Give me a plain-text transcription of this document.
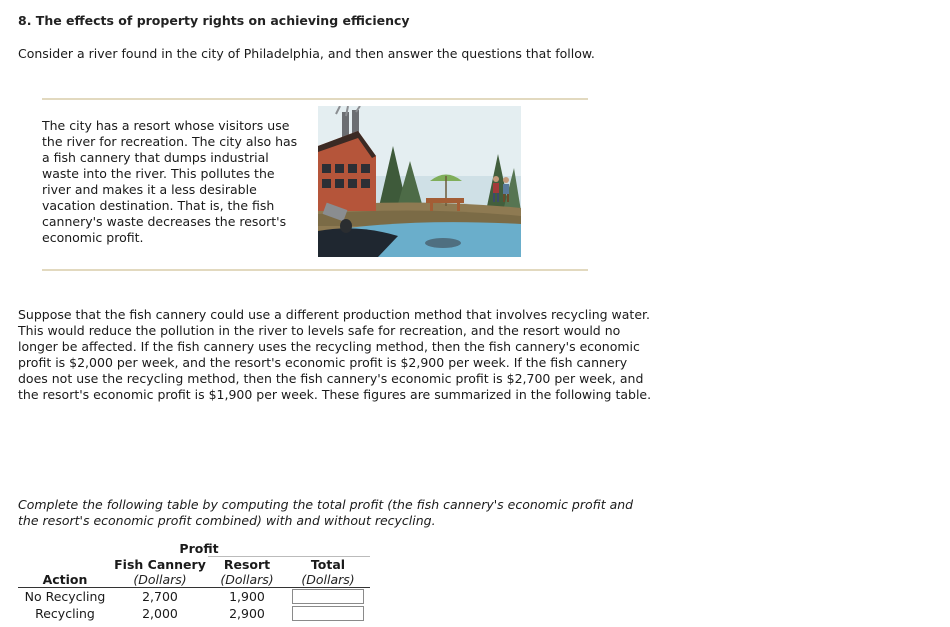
8. The effects of property rights on achieving efficiency
Consider a river found in the city of Philadelphia, and then answer the questions that follow.
The city has a resort whose visitors use the river for recreation. The city also has a fish cannery that dumps industrial waste into the river. This pollutes the river and makes it a less desirable vacation destination. That is, the fish cannery's waste decreases the resort's economic profit.
Suppose that the fish cannery could use a different production method that involves recycling water. This would reduce the pollution in the river to levels safe for recreation, and the resort would no longer be affected. If the fish cannery uses the recycling method, then the fish cannery's economic profit is $2,000 per week, and the resort's economic profit is $2,900 per week. If the fish cannery does not use the recycling method, then the fish cannery's economic profit is $2,700 per week, and the resort's economic profit is $1,900 per week. These figures are summarized in the following table.
Complete the following table by computing the total profit (the fish cannery's economic profit and the resort's economic profit combined) with and without recycling.
	Profit		
	Fish Cannery	Resort	Total
Action	(Dollars)	(Dollars)	(Dollars)
No Recycling	2,700	1,900	

Recycling	2,000	2,900	
